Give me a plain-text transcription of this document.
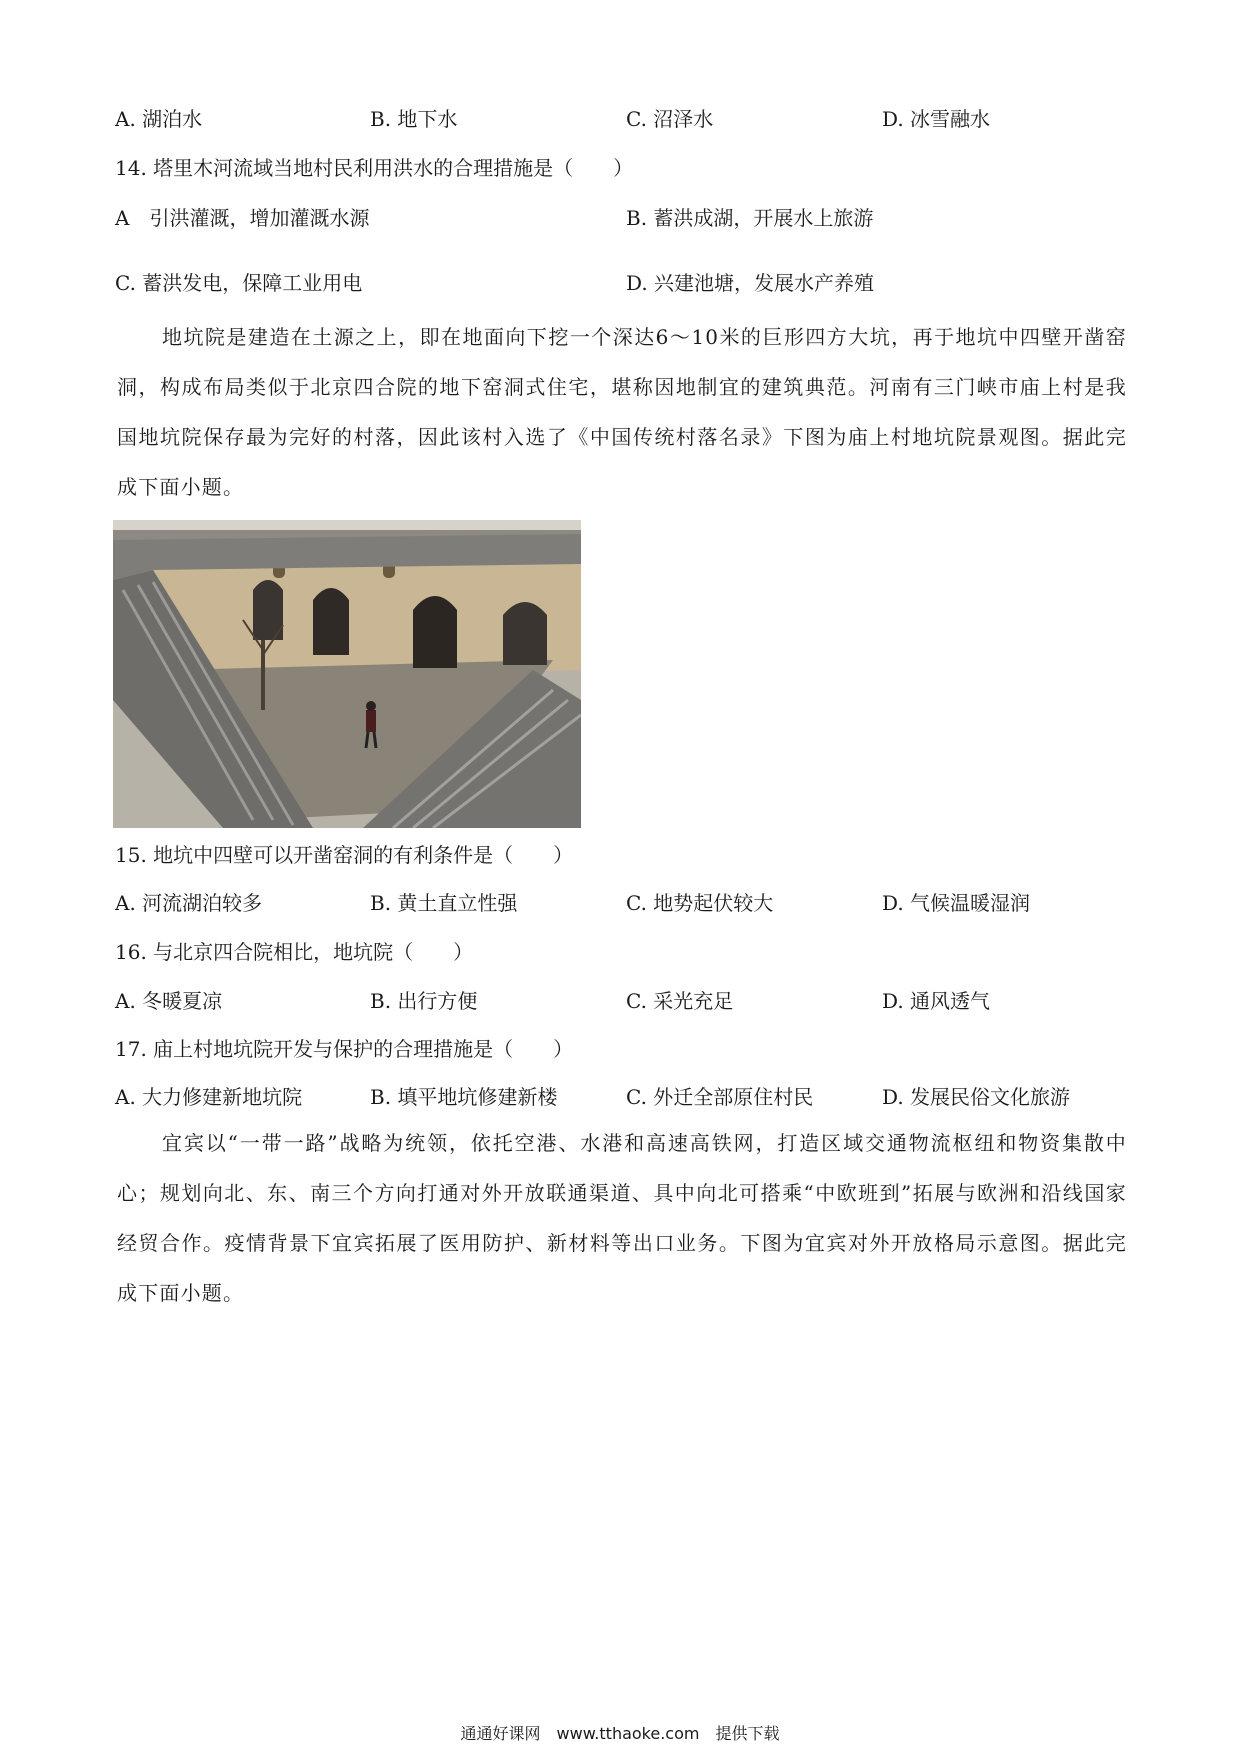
A. 湖泊水	B. 地下水	C. 沼泽水	D. 冰雪融水
14. 塔里木河流域当地村民利用洪水的合理措施是（　　）
A　引洪灌溉，增加灌溉水源	B. 蓄洪成湖，开展水上旅游
C. 蓄洪发电，保障工业用电	D. 兴建池塘，发展水产养殖
地坑院是建造在土源之上，即在地面向下挖一个深达6～10米的巨形四方大坑，再于地坑中四壁开凿窑洞，构成布局类似于北京四合院的地下窑洞式住宅，堪称因地制宜的建筑典范。河南有三门峡市庙上村是我国地坑院保存最为完好的村落，因此该村入选了《中国传统村落名录》下图为庙上村地坑院景观图。据此完成下面小题。
15. 地坑中四壁可以开凿窑洞的有利条件是（　　）
A. 河流湖泊较多	B. 黄土直立性强	C. 地势起伏较大	D. 气候温暖湿润
16. 与北京四合院相比，地坑院（　　）
A. 冬暖夏凉	B. 出行方便	C. 采光充足	D. 通风透气
17. 庙上村地坑院开发与保护的合理措施是（　　）
A. 大力修建新地坑院	B. 填平地坑修建新楼	C. 外迁全部原住村民	D. 发展民俗文化旅游
宜宾以“一带一路”战略为统领，依托空港、水港和高速高铁网，打造区域交通物流枢纽和物资集散中心；规划向北、东、南三个方向打通对外开放联通渠道、具中向北可搭乘“中欧班到”拓展与欧洲和沿线国家经贸合作。疫情背景下宜宾拓展了医用防护、新材料等出口业务。下图为宜宾对外开放格局示意图。据此完成下面小题。
通通好课网　www.tthaoke.com　提供下载
